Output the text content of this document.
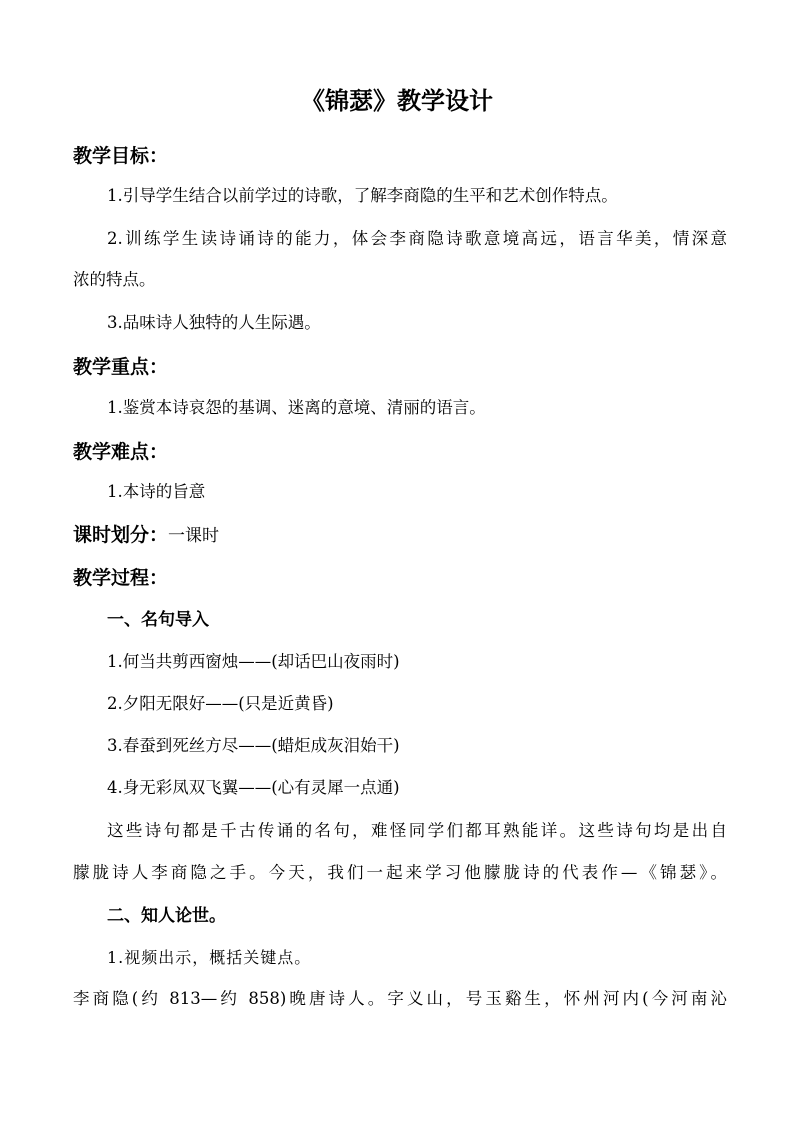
《锦瑟》教学设计
教学目标：
1.引导学生结合以前学过的诗歌，了解李商隐的生平和艺术创作特点。
2.训练学生读诗诵诗的能力，体会李商隐诗歌意境高远，语言华美，情深意
浓的特点。
3.品味诗人独特的人生际遇。
教学重点：
1.鉴赏本诗哀怨的基调、迷离的意境、清丽的语言。
教学难点：
1.本诗的旨意
课时划分：一课时
教学过程：
一、名句导入
1.何当共剪西窗烛——(却话巴山夜雨时)
2.夕阳无限好——(只是近黄昏)
3.春蚕到死丝方尽——(蜡炬成灰泪始干)
4.身无彩凤双飞翼——(心有灵犀一点通)
这些诗句都是千古传诵的名句，难怪同学们都耳熟能详。这些诗句均是出自
朦胧诗人李商隐之手。今天，我们一起来学习他朦胧诗的代表作—《锦瑟》。
二、知人论世。
1.视频出示，概括关键点。
李商隐(约 813—约 858)晚唐诗人。字义山，号玉谿生，怀州河内(今河南沁
